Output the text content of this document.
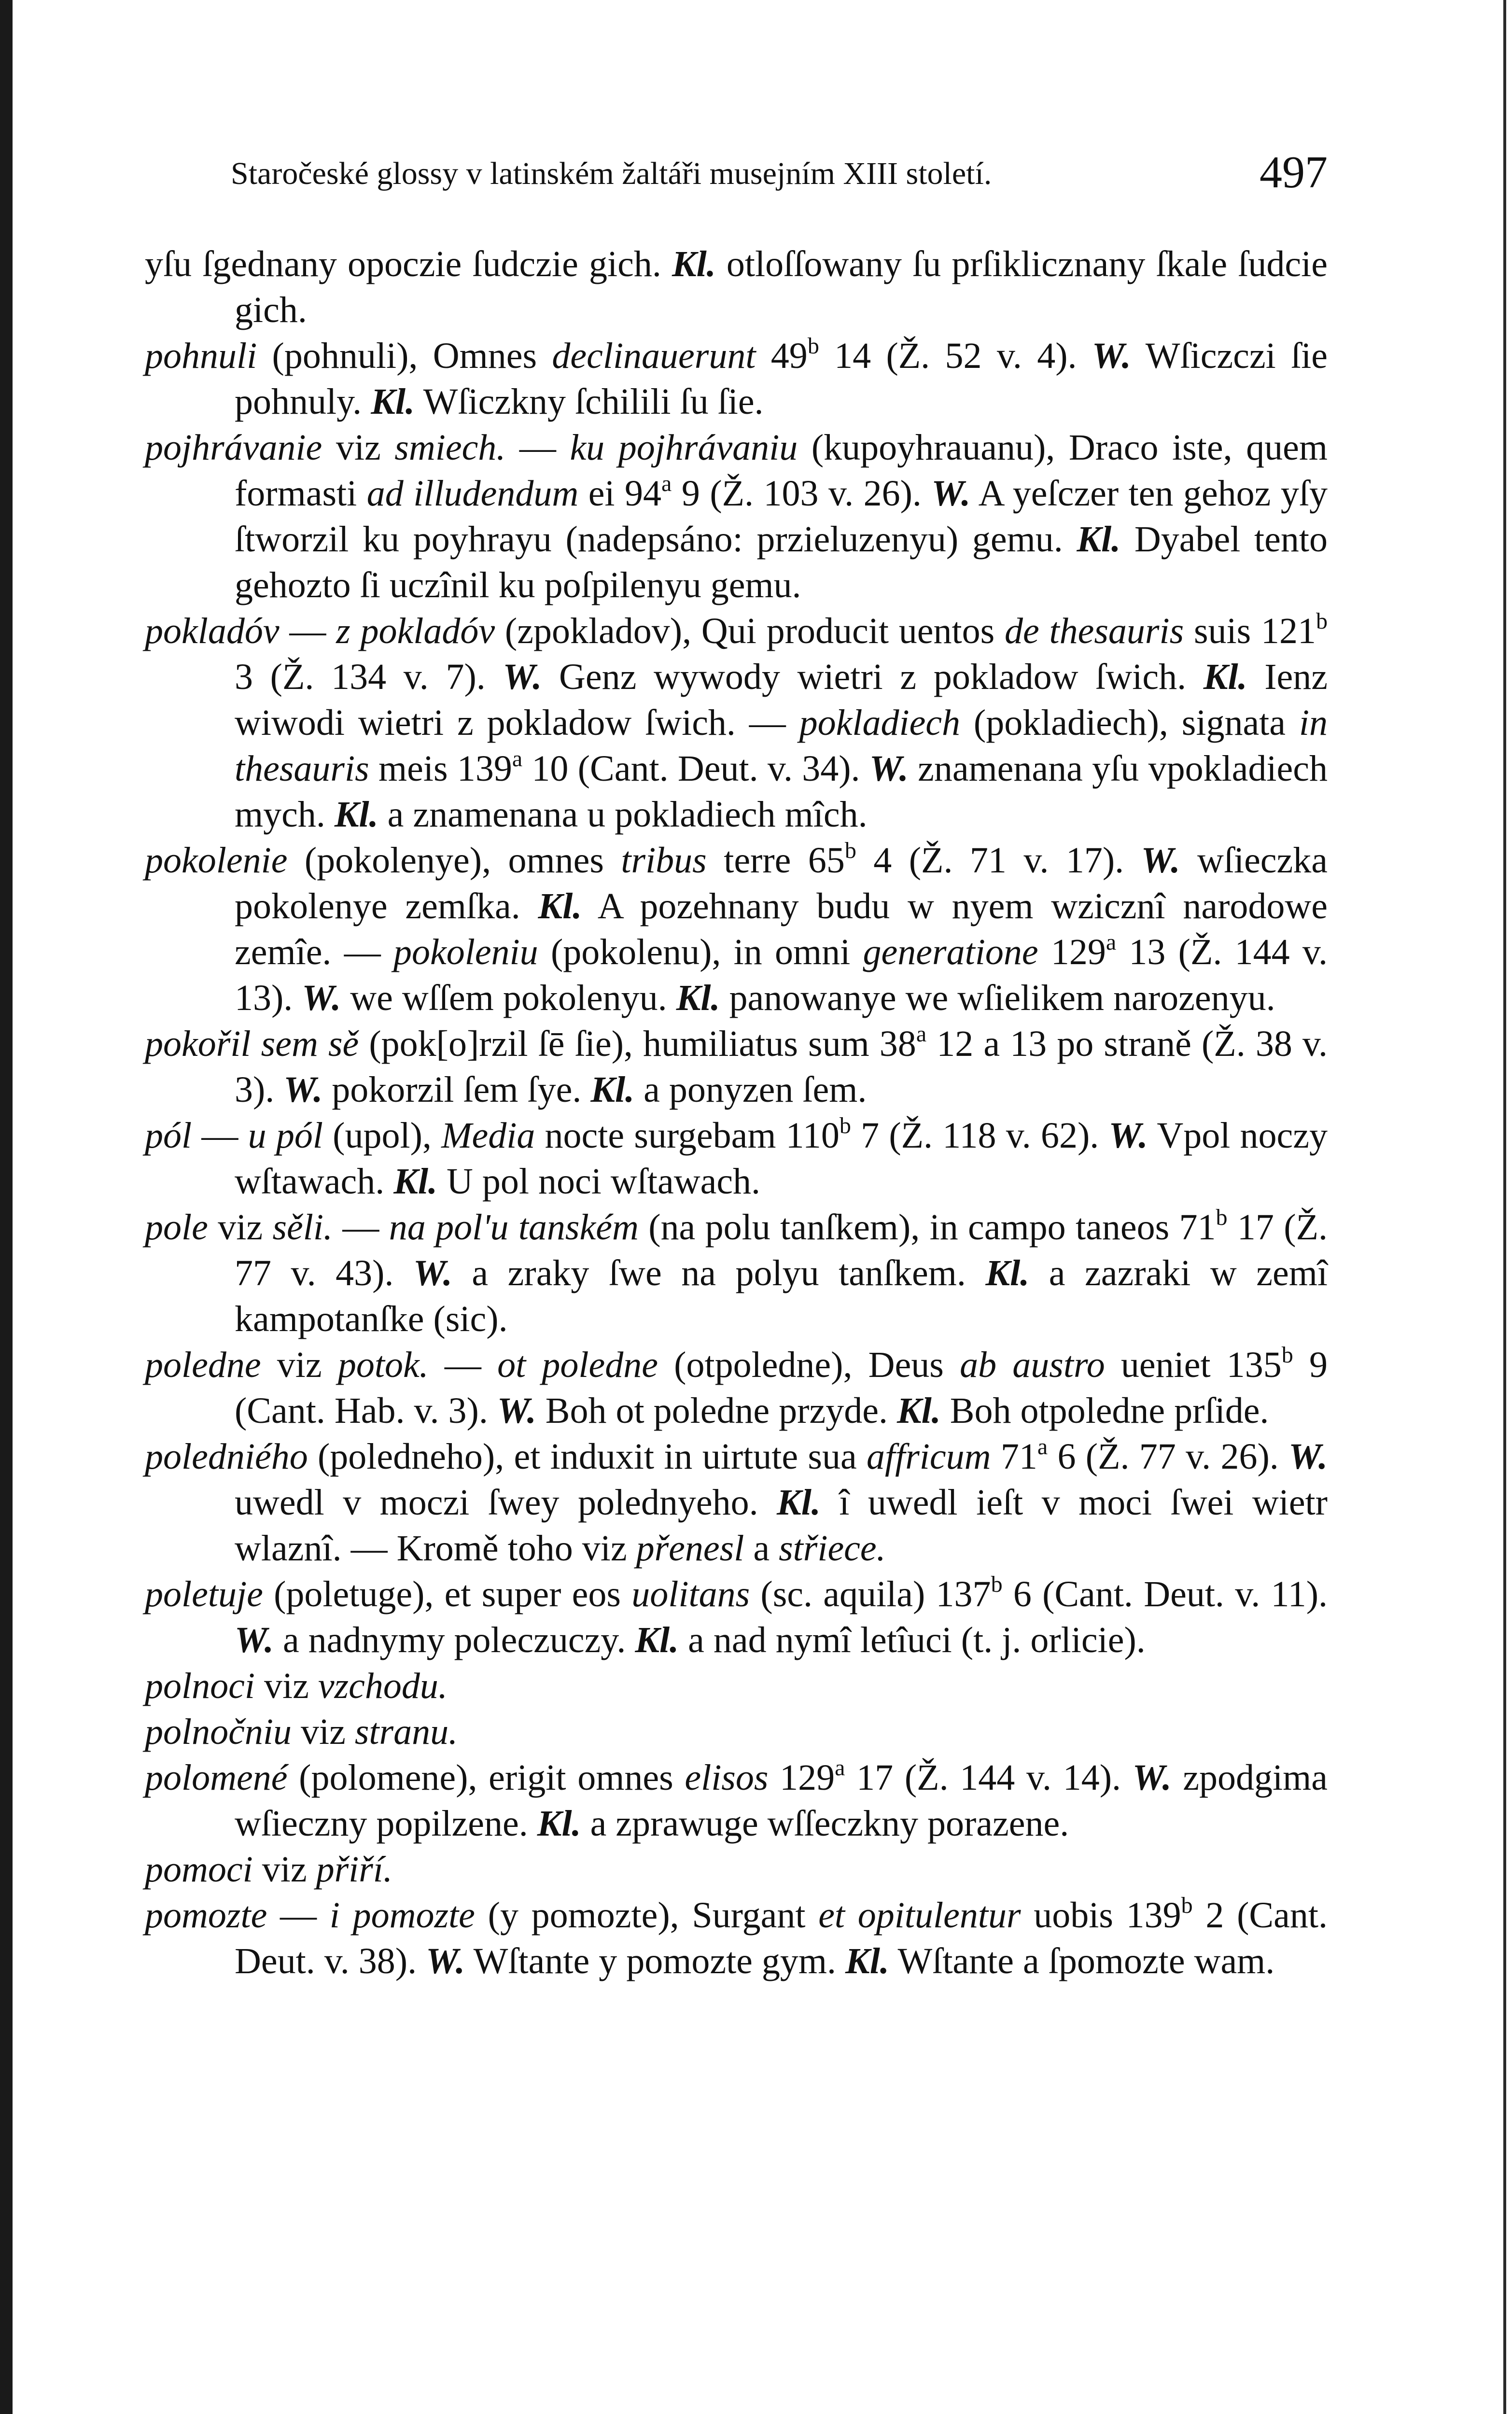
Staročeské glossy v latinském žaltáři musejním XIII století.	497
yſu ſgednany opoczie ſudczie gich. Kl. otloſſowany ſu prſiklicznany ſkale ſudcie gich.
pohnuli (pohnuli), Omnes declinauerunt 49$^b$ 14 (Ž. 52 v. 4). W. Wſiczczi ſie pohnuly. Kl. Wſiczkny ſchilili ſu ſie.
pojhrávanie viz smiech. — ku pojhrávaniu (kupoyhrauanu), Draco iste, quem formasti ad illudendum ei 94$^a$ 9 (Ž. 103 v. 26). W. A yeſczer ten gehoz yſy ſtworzil ku poyhrayu (nadepsáno: przieluzenyu) gemu. Kl. Dyabel tento gehozto ſi uczînil ku poſpilenyu gemu.
pokladóv — z pokladóv (zpokladov), Qui producit uentos de thesauris suis 121$^b$ 3 (Ž. 134 v. 7). W. Genz wywody wietri z pokladow ſwich. Kl. Ienz wiwodi wietri z pokladow ſwich. — pokladiech (pokladiech), signata in thesauris meis 139$^a$ 10 (Cant. Deut. v. 34). W. znamenana yſu vpokladiech mych. Kl. a znamenana u pokladiech mîch.
pokolenie (pokolenye), omnes tribus terre 65$^b$ 4 (Ž. 71 v. 17). W. wſieczka pokolenye zemſka. Kl. A pozehnany budu w nyem wzicznî narodowe zemîe. — pokoleniu (pokolenu), in omni generatione 129$^a$ 13 (Ž. 144 v. 13). W. we wſſem pokolenyu. Kl. panowanye we wſielikem narozenyu.
pokořil sem sě (pok[o]rzil ſē ſie), humiliatus sum 38$^a$ 12 a 13 po straně (Ž. 38 v. 3). W. pokorzil ſem ſye. Kl. a ponyzen ſem.
pól — u pól (upol), Media nocte surgebam 110$^b$ 7 (Ž. 118 v. 62). W. Vpol noczy wſtawach. Kl. U pol noci wſtawach.
pole viz sěli. — na pol'u tanském (na polu tanſkem), in campo taneos 71$^b$ 17 (Ž. 77 v. 43). W. a zraky ſwe na polyu tanſkem. Kl. a zazraki w zemî kampotanſke (sic).
poledne viz potok. — ot poledne (otpoledne), Deus ab austro ueniet 135$^b$ 9 (Cant. Hab. v. 3). W. Boh ot poledne przyde. Kl. Boh otpoledne prſide.
poledniého (poledneho), et induxit in uirtute sua affricum 71$^a$ 6 (Ž. 77 v. 26). W. uwedl v moczi ſwey polednyeho. Kl. î uwedl ieſt v moci ſwei wietr wlaznî. — Kromě toho viz přenesl a střiece.
poletuje (poletuge), et super eos uolitans (sc. aquila) 137$^b$ 6 (Cant. Deut. v. 11). W. a nadnymy poleczuczy. Kl. a nad nymî letîuci (t. j. orlicie).
polnoci viz vzchodu.
polnočniu viz stranu.
polomené (polomene), erigit omnes elisos 129$^a$ 17 (Ž. 144 v. 14). W. zpodgima wſieczny popilzene. Kl. a zprawuge wſſeczkny porazene.
pomoci viz přiří.
pomozte — i pomozte (y pomozte), Surgant et opitulentur uobis 139$^b$ 2 (Cant. Deut. v. 38). W. Wſtante y pomozte gym. Kl. Wſtante a ſpomozte wam.
